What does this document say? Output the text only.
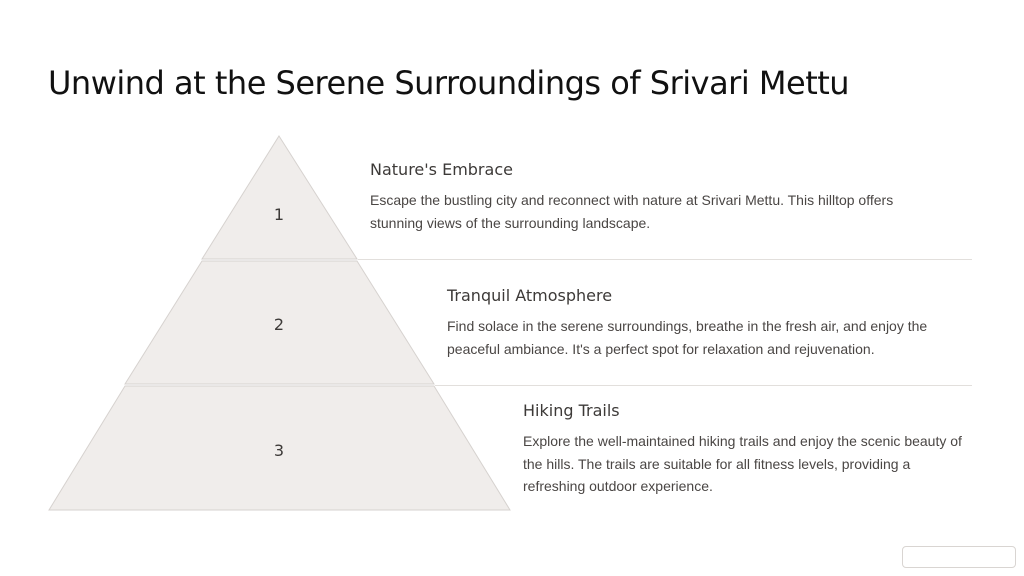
Unwind at the Serene Surroundings of Srivari Mettu
1
2
3
Nature's Embrace

Escape the bustling city and reconnect with nature at Srivari Mettu. This hilltop offers stunning views of the surrounding landscape.

Tranquil Atmosphere

Find solace in the serene surroundings, breathe in the fresh air, and enjoy the peaceful ambiance. It's a perfect spot for relaxation and rejuvenation.

Hiking Trails

Explore the well-maintained hiking trails and enjoy the scenic beauty of the hills. The trails are suitable for all fitness levels, providing a refreshing outdoor experience.
